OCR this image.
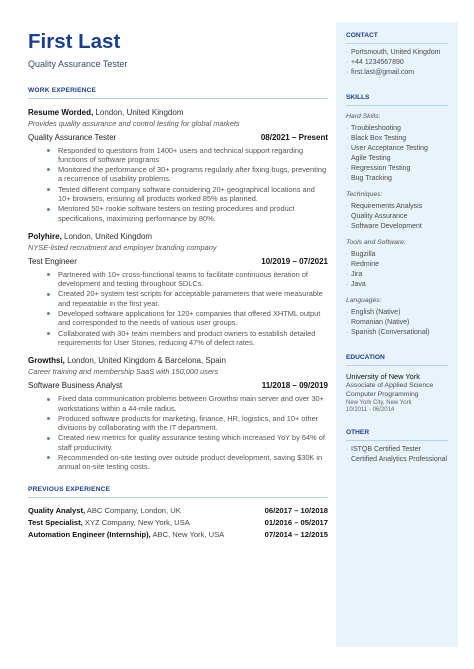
First Last
Quality Assurance Tester
WORK EXPERIENCE
Resume Worded, London, United Kingdom
Provides quality assurance and control testing for global markets
Quality Assurance Tester	08/2021 – Present
Responded to questions from 1400+ users and technical support regarding functions of software programs
Monitored the performance of 30+ programs regularly after fixing bugs, preventing a recurrence of usability problems.
Tested different company software considering 20+ geographical locations and 10+ browsers, ensuring all products worked 85% as planned.
Mentored 50+ rookie software testers on testing procedures and product specifications, maximizing performance by 80%.
Polyhire, London, United Kingdom
NYSE-listed recruitment and employer branding company
Test Engineer	10/2019 – 07/2021
Partnered with 10+ cross-functional teams to facilitate continuous iteration of development and testing throughout SDLCs.
Created 20+ system test scripts for acceptable parameters that were measurable and repeatable in the first year.
Developed software applications for 120+ companies that offered XHTML output and corresponded to the needs of various user groups.
Collaborated with 30+ team members and product owners to establish detailed requirements for User Stories, reducing 47% of defect rates.
Growthsi, London, United Kingdom & Barcelona, Spain
Career training and membership SaaS with 150,000 users
Software Business Analyst	11/2018 – 09/2019
Fixed data communication problems between Growthsi main server and over 30+ workstations within a 44-mile radius.
Produced software products for marketing, finance, HR, logistics, and 10+ other divisions by collaborating with the IT department.
Created new metrics for quality assurance testing which increased YoY by 64% of staff productivity.
Recommended on-site testing over outside product development, saving $30K in annual on-site testing costs.
PREVIOUS EXPERIENCE
Quality Analyst, ABC Company, London, UK	06/2017 – 10/2018
Test Specialist, XYZ Company, New York, USA	01/2016 – 05/2017
Automation Engineer (Internship), ABC, New York, USA	07/2014 – 12/2015
CONTACT
· Portsmouth, United Kingdom
· +44 1234567890
· first.last@gmail.com
SKILLS
Hard Skills:
· Troubleshooting
· Black Box Testing
· User Acceptance Testing
· Agile Testing
· Regression Testing
· Bug Tracking
Techniques:
· Requirements Analysis
· Quality Assurance
· Software Development
Tools and Software:
· Bugzilla
· Redmine
· Jira
· Java
Languages:
· English (Native)
· Romanian (Native)
· Spanish (Conversational)
EDUCATION
University of New York
Associate of Applied Science Computer Programming
New York City, New York
10/2011 - 06/2014
OTHER
· ISTQB Certified Tester
· Certified Analytics Professional
